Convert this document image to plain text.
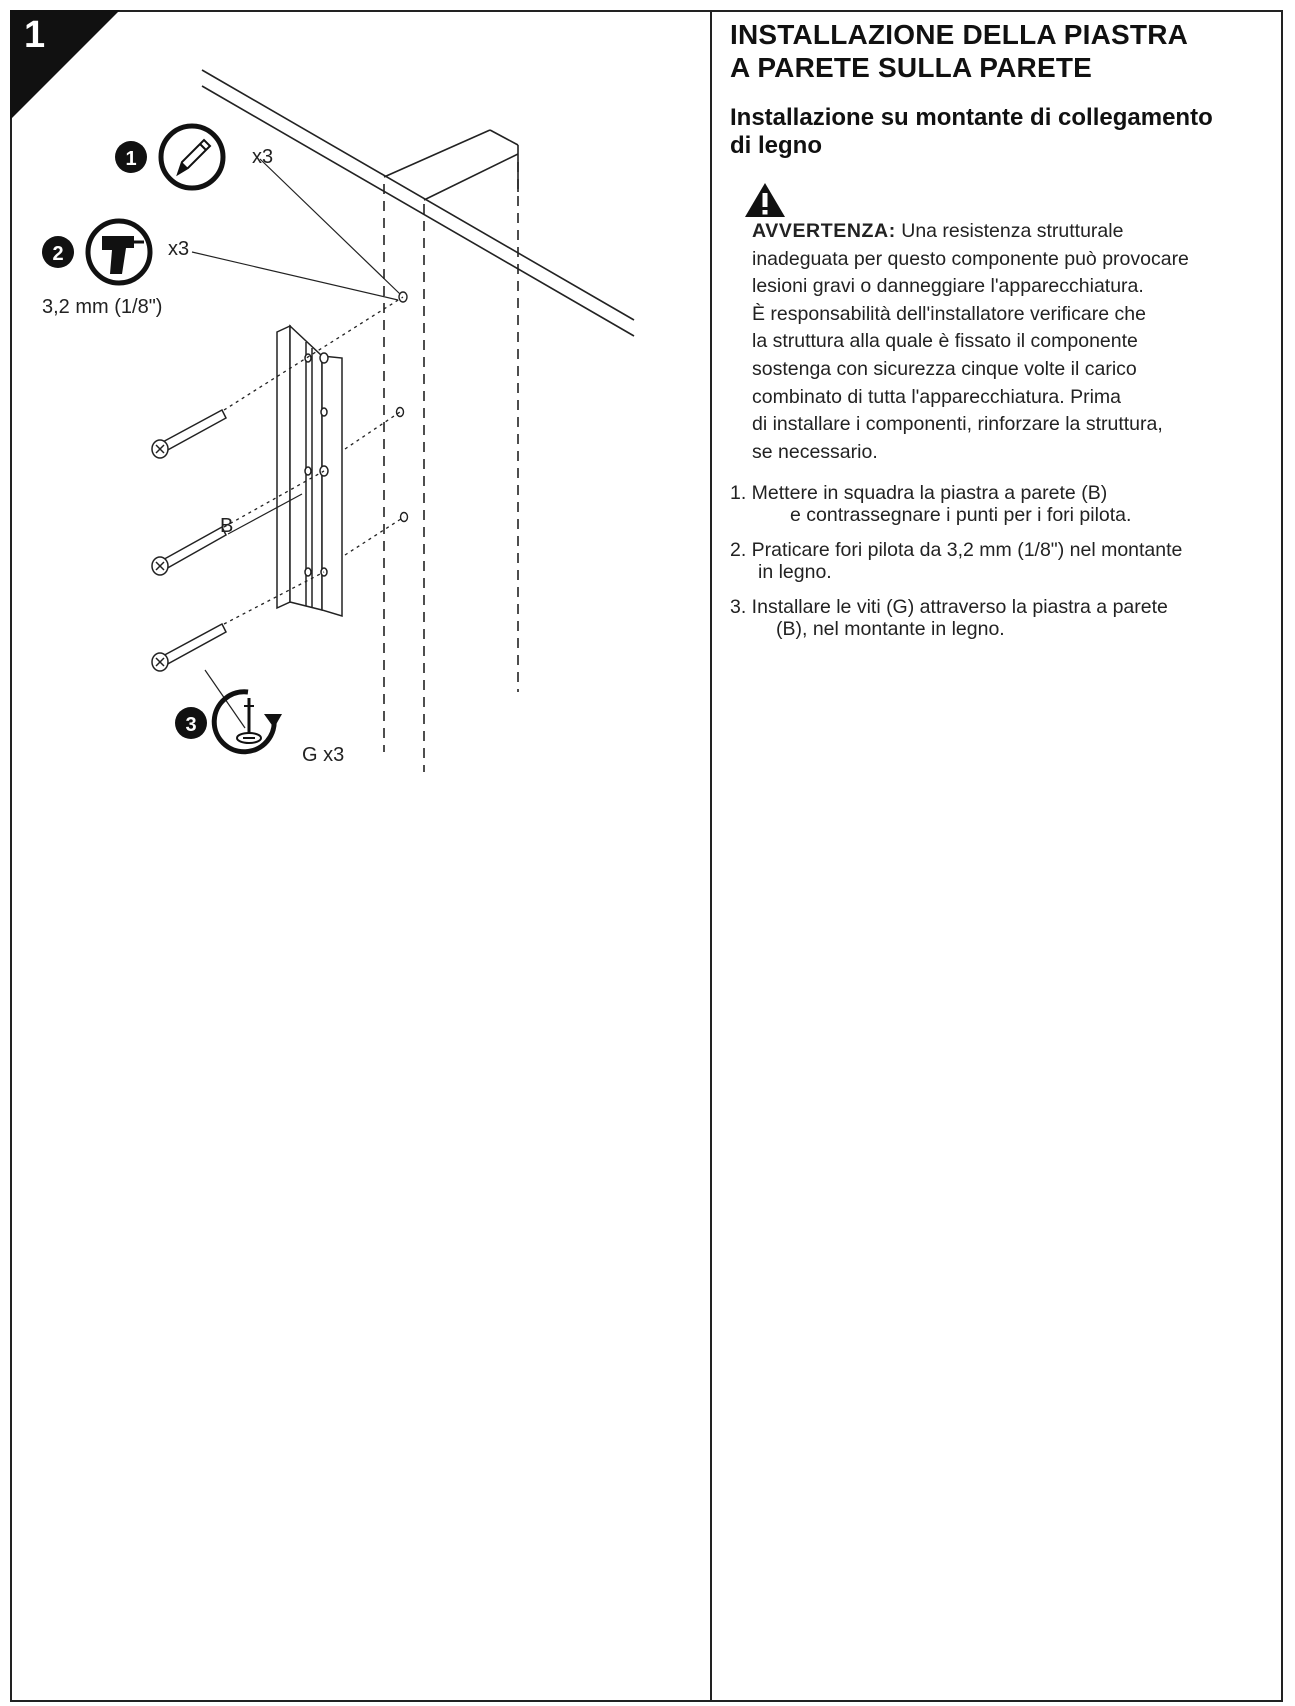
1
1
2
3
x3
x3
3,2 mm (1/8")
B
G x3
INSTALLAZIONE DELLA PIASTRA
A PARETE SULLA PARETE
Installazione su montante di collegamento
di legno
AVVERTENZA: Una resistenza strutturale
inadeguata per questo componente può provocare
lesioni gravi o danneggiare l'apparecchiatura.
È responsabilità dell'installatore verificare che
la struttura alla quale è fissato il componente
sostenga con sicurezza cinque volte il carico
combinato di tutta l'apparecchiatura. Prima
di installare i componenti, rinforzare la struttura,
se necessario.
1. Mettere in squadra la piastra a parete (B)
e contrassegnare i punti per i fori pilota.
2. Praticare fori pilota da 3,2 mm (1/8") nel montante
in legno.
3. Installare le viti (G) attraverso la piastra a parete
(B), nel montante in legno.
